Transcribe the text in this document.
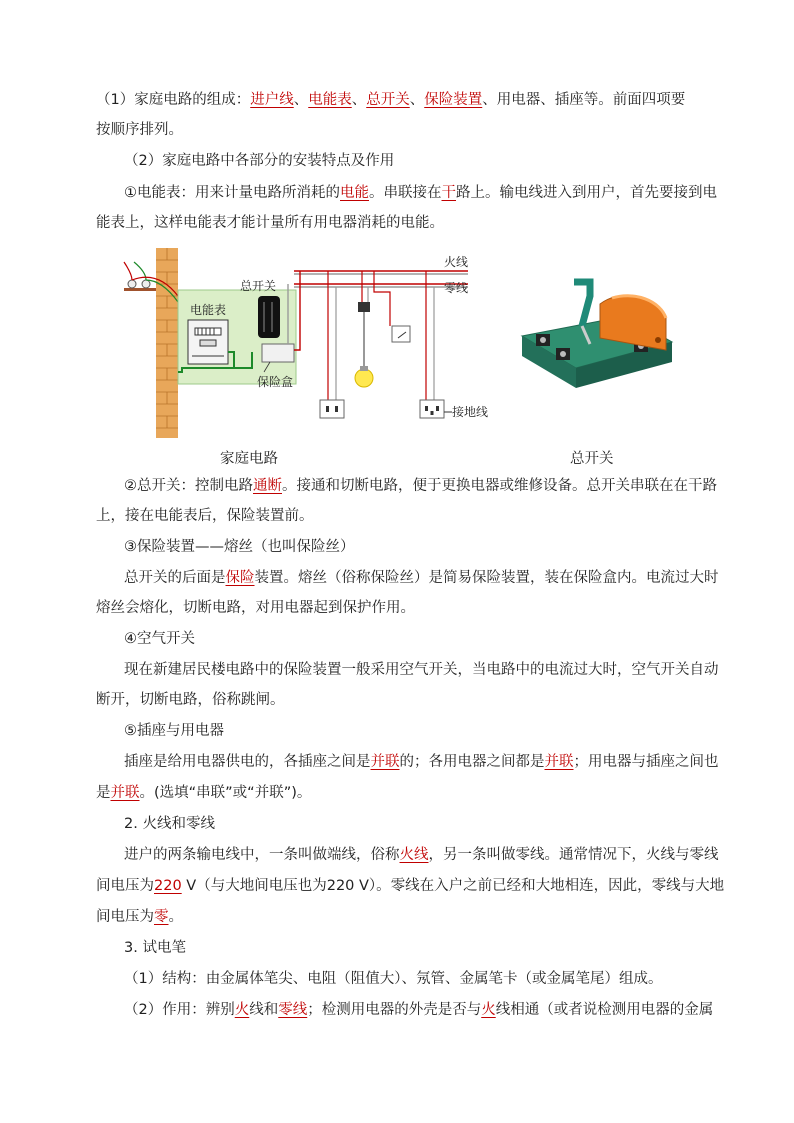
（1）家庭电路的组成：进户线、电能表、总开关、保险装置、用电器、插座等。前面四项要
按顺序排列。
（2）家庭电路中各部分的安装特点及作用
①电能表：用来计量电路所消耗的电能。串联接在干路上。输电线进入到用户，首先要接到电
能表上，这样电能表才能计量所有用电器消耗的电能。
电能表
总开关
保险盒
火线
零线
接地线
家庭电路	总开关
②总开关：控制电路通断。接通和切断电路，便于更换电器或维修设备。总开关串联在在干路
上，接在电能表后，保险装置前。
③保险装置——熔丝（也叫保险丝）
总开关的后面是保险装置。熔丝（俗称保险丝）是简易保险装置，装在保险盒内。电流过大时
熔丝会熔化，切断电路，对用电器起到保护作用。
④空气开关
现在新建居民楼电路中的保险装置一般采用空气开关，当电路中的电流过大时，空气开关自动
断开，切断电路，俗称跳闸。
⑤插座与用电器
插座是给用电器供电的，各插座之间是并联的；各用电器之间都是并联；用电器与插座之间也
是并联。(选填“串联”或“并联”)。
2. 火线和零线
进户的两条输电线中，一条叫做端线，俗称火线，另一条叫做零线。通常情况下，火线与零线
间电压为220 V（与大地间电压也为220 V）。零线在入户之前已经和大地相连，因此，零线与大地
间电压为零。
3. 试电笔
（1）结构：由金属体笔尖、电阻（阻值大）、氖管、金属笔卡（或金属笔尾）组成。
（2）作用：辨别火线和零线；检测用电器的外壳是否与火线相通（或者说检测用电器的金属
